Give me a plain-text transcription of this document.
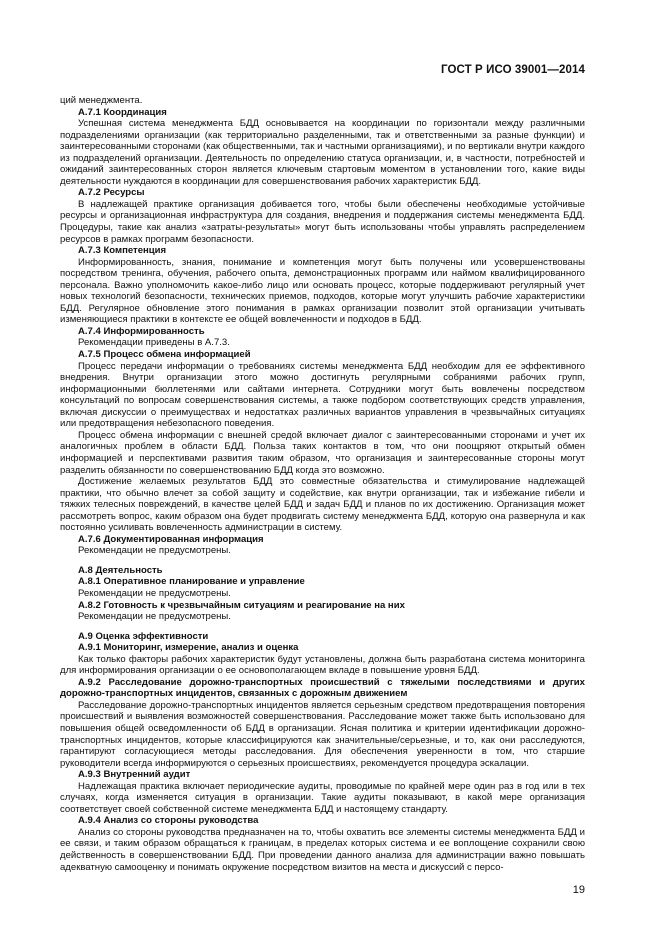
ГОСТ Р ИСО 39001—2014

ций менеджмента.

А.7.1 Координация

Успешная система менеджмента БДД основывается на координации по горизонтали между различными подразделениями организации (как территориально разделенными, так и ответственными за разные функции) и заинтересованными сторонами (как общественными, так и частными организациями), и по вертикали внутри каждого из подразделений организации. Деятельность по определению статуса организации, и, в частности, потребностей и ожиданий заинтересованных сторон является ключевым стартовым моментом в установлении того, какие виды деятельности нуждаются в координации для совершенствования рабочих характеристик БДД.

А.7.2 Ресурсы

В надлежащей практике организация добивается того, чтобы были обеспечены необходимые устойчивые ресурсы и организационная инфраструктура для создания, внедрения и поддержания системы менеджмента БДД. Процедуры, такие как анализ «затраты-результаты» могут быть использованы чтобы управлять распределением ресурсов в рамках программ безопасности.

А.7.3 Компетенция

Информированность, знания, понимание и компетенция могут быть получены или усовершенствованы посредством тренинга, обучения, рабочего опыта, демонстрационных программ или наймом квалифицированного персонала. Важно уполномочить какое-либо лицо или основать процесс, которые поддерживают регулярный учет новых технологий безопасности, технических приемов, подходов, которые могут улучшить рабочие характеристики БДД. Регулярное обновление этого понимания в рамках организации позволит этой организации учитывать изменяющиеся практики в контексте ее общей вовлеченности и подходов в БДД.

А.7.4 Информированность

Рекомендации приведены в А.7.3.

А.7.5 Процесс обмена информацией

Процесс передачи информации о требованиях системы менеджмента БДД необходим для ее эффективного внедрения. Внутри организации этого можно достигнуть регулярными собраниями рабочих групп, информационными бюллетенями или сайтами интернета. Сотрудники могут быть вовлечены посредством консультаций по вопросам совершенствования системы, а также подбором соответствующих средств управления, включая дискуссии о преимуществах и недостатках различных вариантов управления в чрезвычайных ситуациях или предотвращения небезопасного поведения.

Процесс обмена информации с внешней средой включает диалог с заинтересованными сторонами и учет их аналогичных проблем в области БДД. Польза таких контактов в том, что они поощряют открытый обмен информацией и перспективами развития таким образом, что организация и заинтересованные стороны могут разделить обязанности по совершенствованию БДД когда это возможно.

Достижение желаемых результатов БДД это совместные обязательства и стимулирование надлежащей практики, что обычно влечет за собой защиту и содействие, как внутри организации, так и избежание гибели и тяжких телесных повреждений, в качестве целей БДД и задач БДД и планов по их достижению. Организация может рассмотреть вопрос, каким образом она будет продвигать систему менеджмента БДД, которую она развернула и как постоянно усиливать вовлеченность администрации в систему.

А.7.6 Документированная информация

Рекомендации не предусмотрены.

А.8 Деятельность

А.8.1 Оперативное планирование и управление

Рекомендации не предусмотрены.

А.8.2 Готовность к чрезвычайным ситуациям и реагирование на них

Рекомендации не предусмотрены.

А.9 Оценка эффективности

А.9.1 Мониторинг, измерение, анализ и оценка

Как только факторы рабочих характеристик будут установлены, должна быть разработана система мониторинга для информирования организации о ее основополагающем вкладе в повышение уровня БДД.

А.9.2 Расследование дорожно-транспортных происшествий с тяжелыми последствиями и других дорожно-транспортных инцидентов, связанных с дорожным движением

Расследование дорожно-транспортных инцидентов является серьезным средством предотвращения повторения происшествий и выявления возможностей совершенствования. Расследование может также быть использовано для повышения общей осведомленности об БДД в организации. Ясная политика и критерии идентификации дорожно-транспортных инцидентов, которые классифицируются как значительные/серьезные, и то, как они расследуются, гарантируют согласующиеся методы расследования. Для обеспечения уверенности в том, что старшие руководители всегда информируются о серьезных происшествиях, рекомендуется процедура эскалации.

А.9.3 Внутренний аудит

Надлежащая практика включает периодические аудиты, проводимые по крайней мере один раз в год или в тех случаях, когда изменяется ситуация в организации. Такие аудиты показывают, в какой мере организация соответствует своей собственной системе менеджмента БДД и настоящему стандарту.

А.9.4 Анализ со стороны руководства

Анализ со стороны руководства предназначен на то, чтобы охватить все элементы системы менеджмента БДД и ее связи, и таким образом обращаться к границам, в пределах которых система и ее воплощение сохранили свою действенность в совершенствовании БДД. При проведении данного анализа для администрации важно повышать адекватную самооценку и понимать окружение посредством визитов на места и дискуссий с персо-

19
